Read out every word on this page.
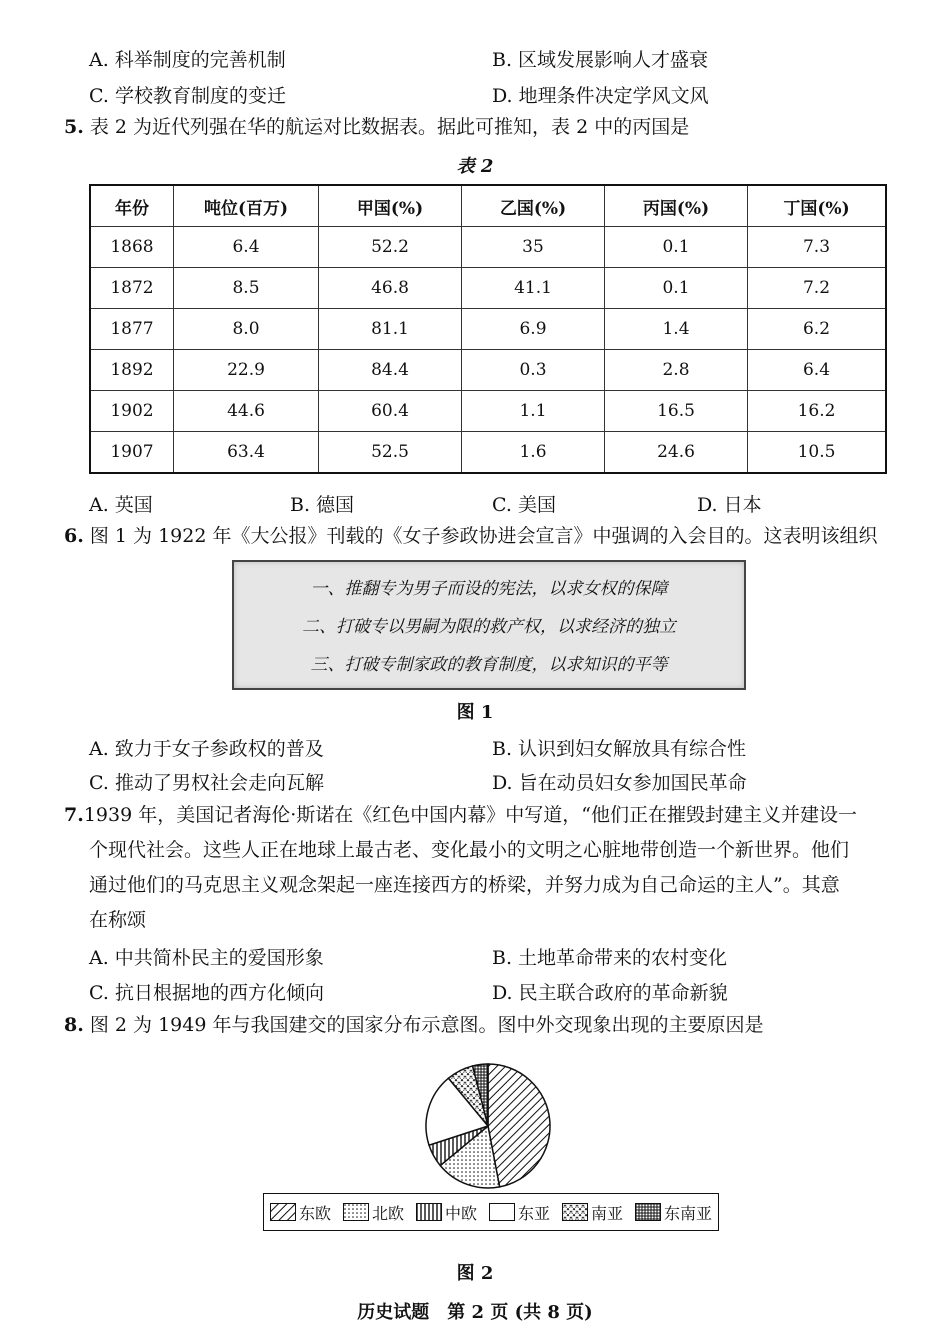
A. 科举制度的完善机制	B. 区域发展影响人才盛衰
C. 学校教育制度的变迁	D. 地理条件决定学风文风
5. 表 2 为近代列强在华的航运对比数据表。据此可推知，表 2 中的丙国是
表 2
年份	吨位(百万)	甲国(%)	乙国(%)	丙国(%)	丁国(%)
1868	6.4	52.2	35	0.1	7.3
1872	8.5	46.8	41.1	0.1	7.2
1877	8.0	81.1	6.9	1.4	6.2
1892	22.9	84.4	0.3	2.8	6.4
1902	44.6	60.4	1.1	16.5	16.2
1907	63.4	52.5	1.6	24.6	10.5
A. 英国	B. 德国	C. 美国	D. 日本
6. 图 1 为 1922 年《大公报》刊载的《女子参政协进会宣言》中强调的入会目的。这表明该组织
一、推翻专为男子而设的宪法，以求女权的保障
二、打破专以男嗣为限的救产权，以求经济的独立
三、打破专制家政的教育制度，以求知识的平等
图 1
A. 致力于女子参政权的普及	B. 认识到妇女解放具有综合性
C. 推动了男权社会走向瓦解	D. 旨在动员妇女参加国民革命
7.1939 年，美国记者海伦·斯诺在《红色中国内幕》中写道，“他们正在摧毁封建主义并建设一
个现代社会。这些人正在地球上最古老、变化最小的文明之心脏地带创造一个新世界。他们
通过他们的马克思主义观念架起一座连接西方的桥梁，并努力成为自己命运的主人”。其意
在称颂
A. 中共简朴民主的爱国形象	B. 土地革命带来的农村变化
C. 抗日根据地的西方化倾向	D. 民主联合政府的革命新貌
8. 图 2 为 1949 年与我国建交的国家分布示意图。图中外交现象出现的主要原因是
东欧	北欧	中欧	东亚	南亚	东南亚
图 2
历史试题　第 2 页 (共 8 页)
